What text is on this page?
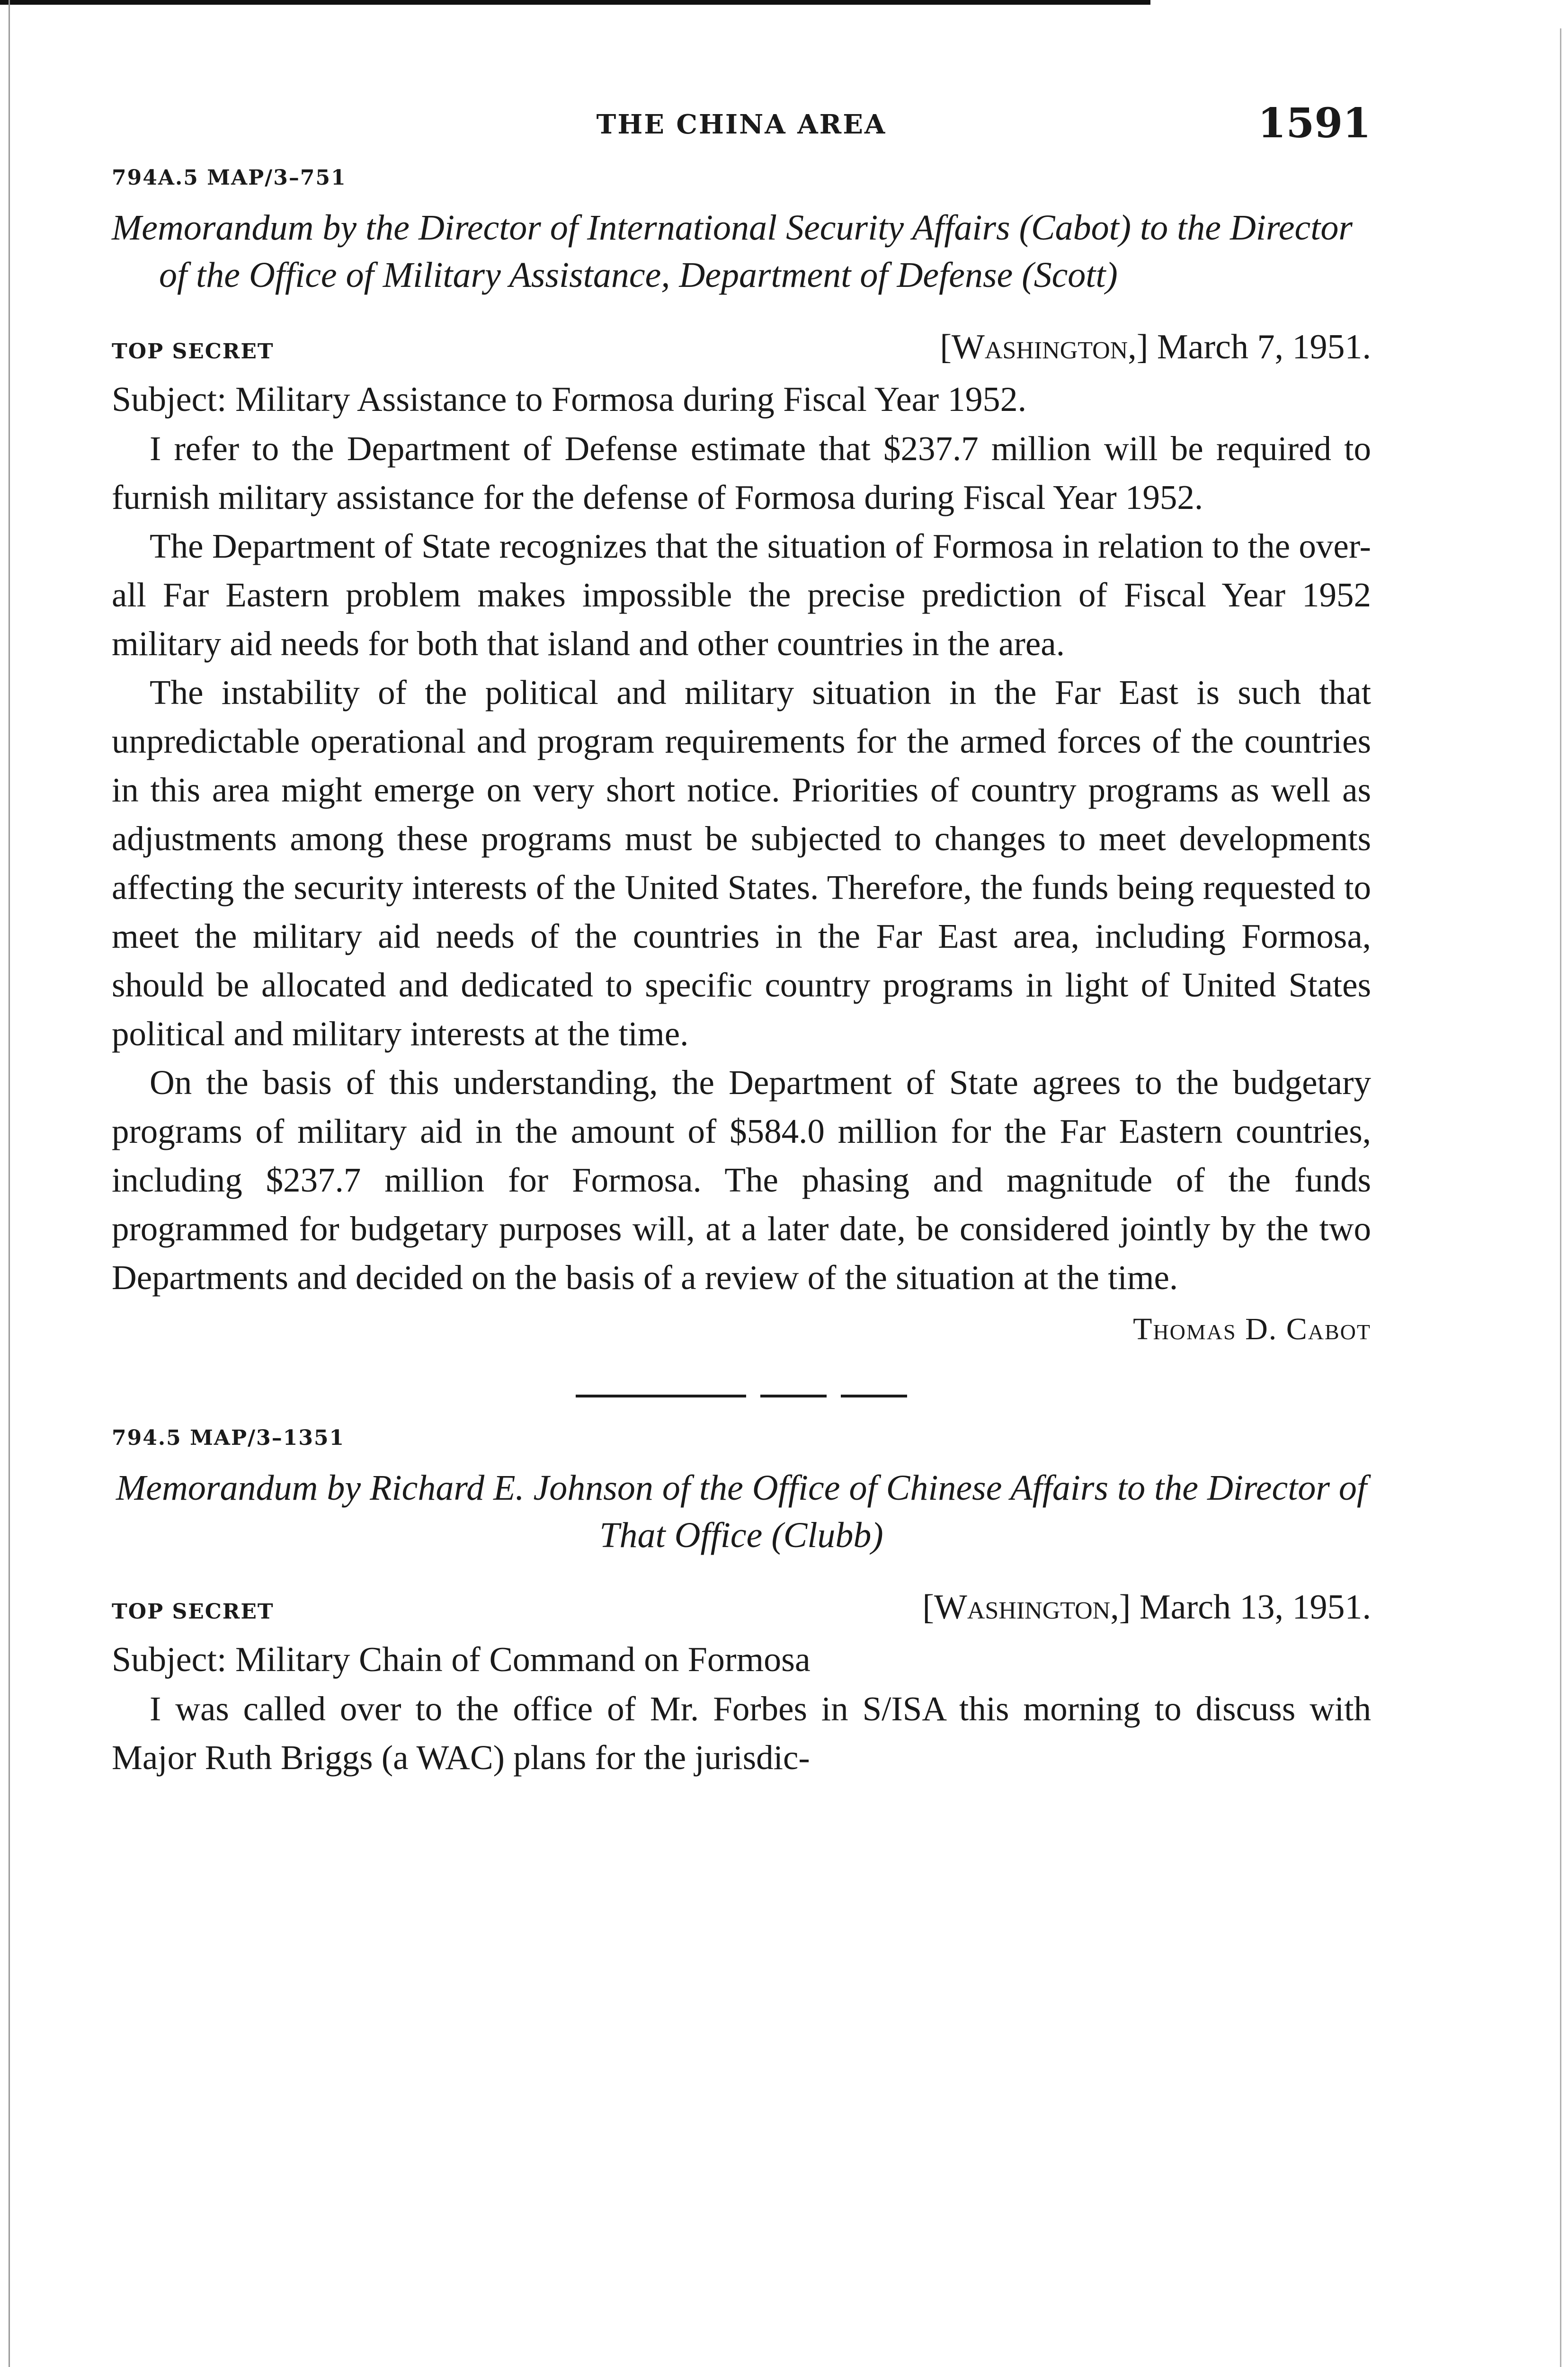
THE CHINA AREA	1591
794A.5 MAP/3–751
Memorandum by the Director of International Security Affairs (Cabot) to the Director of the Office of Military Assistance, Department of Defense (Scott)
TOP SECRET	[Washington,] March 7, 1951.
Subject: Military Assistance to Formosa during Fiscal Year 1952.

I refer to the Department of Defense estimate that $237.7 million will be required to furnish military assistance for the defense of Formosa during Fiscal Year 1952.

The Department of State recognizes that the situation of Formosa in relation to the over-all Far Eastern problem makes impossible the precise prediction of Fiscal Year 1952 military aid needs for both that island and other countries in the area.

The instability of the political and military situation in the Far East is such that unpredictable operational and program requirements for the armed forces of the countries in this area might emerge on very short notice. Priorities of country programs as well as adjustments among these programs must be subjected to changes to meet developments affecting the security interests of the United States. Therefore, the funds being requested to meet the military aid needs of the countries in the Far East area, including Formosa, should be allocated and dedicated to specific country programs in light of United States political and military interests at the time.

On the basis of this understanding, the Department of State agrees to the budgetary programs of military aid in the amount of $584.0 million for the Far Eastern countries, including $237.7 million for Formosa. The phasing and magnitude of the funds programmed for budgetary purposes will, at a later date, be considered jointly by the two Departments and decided on the basis of a review of the situation at the time.

Thomas D. Cabot
794.5 MAP/3–1351
Memorandum by Richard E. Johnson of the Office of Chinese Affairs to the Director of That Office (Clubb)
TOP SECRET	[Washington,] March 13, 1951.
Subject: Military Chain of Command on Formosa

I was called over to the office of Mr. Forbes in S/ISA this morning to discuss with Major Ruth Briggs (a WAC) plans for the jurisdic-
